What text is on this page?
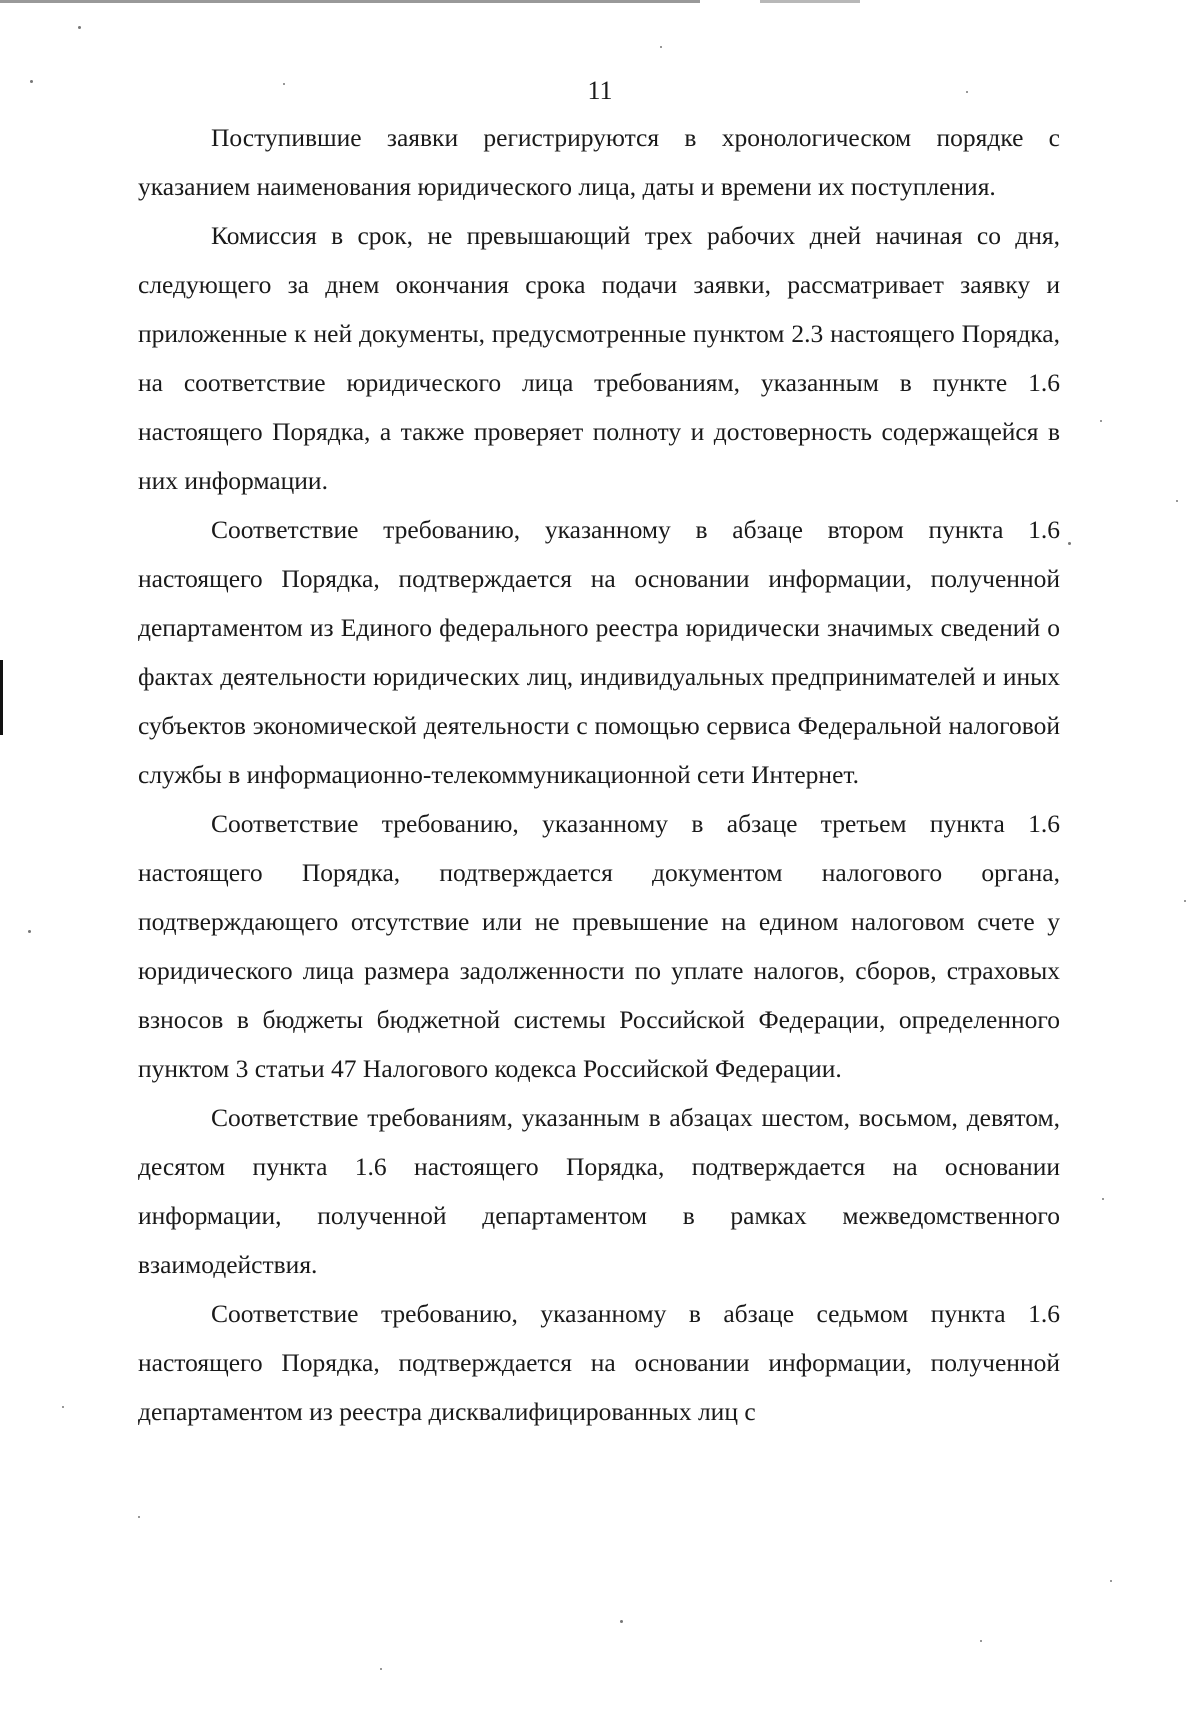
11

Поступившие заявки регистрируются в хронологическом порядке с указанием наименования юридического лица, даты и времени их поступления.

Комиссия в срок, не превышающий трех рабочих дней начиная со дня, следующего за днем окончания срока подачи заявки, рассматривает заявку и приложенные к ней документы, предусмотренные пунктом 2.3 настоящего Порядка, на соответствие юридического лица требованиям, указанным в пункте 1.6 настоящего Порядка, а также проверяет полноту и достоверность содержащейся в них информации.

Соответствие требованию, указанному в абзаце втором пункта 1.6 настоящего Порядка, подтверждается на основании информации, полученной департаментом из Единого федерального реестра юридически значимых сведений о фактах деятельности юридических лиц, индивидуальных предпринимателей и иных субъектов экономической деятельности с помощью сервиса Федеральной налоговой службы в информационно-телекоммуникационной сети Интернет.

Соответствие требованию, указанному в абзаце третьем пункта 1.6 настоящего Порядка, подтверждается документом налогового органа, подтверждающего отсутствие или не превышение на едином налоговом счете у юридического лица размера задолженности по уплате налогов, сборов, страховых взносов в бюджеты бюджетной системы Российской Федерации, определенного пунктом 3 статьи 47 Налогового кодекса Российской Федерации.

Соответствие требованиям, указанным в абзацах шестом, восьмом, девятом, десятом пункта 1.6 настоящего Порядка, подтверждается на основании информации, полученной департаментом в рамках межведомственного взаимодействия.

Соответствие требованию, указанному в абзаце седьмом пункта 1.6 настоящего Порядка, подтверждается на основании информации, полученной департаментом из реестра дисквалифицированных лиц с
